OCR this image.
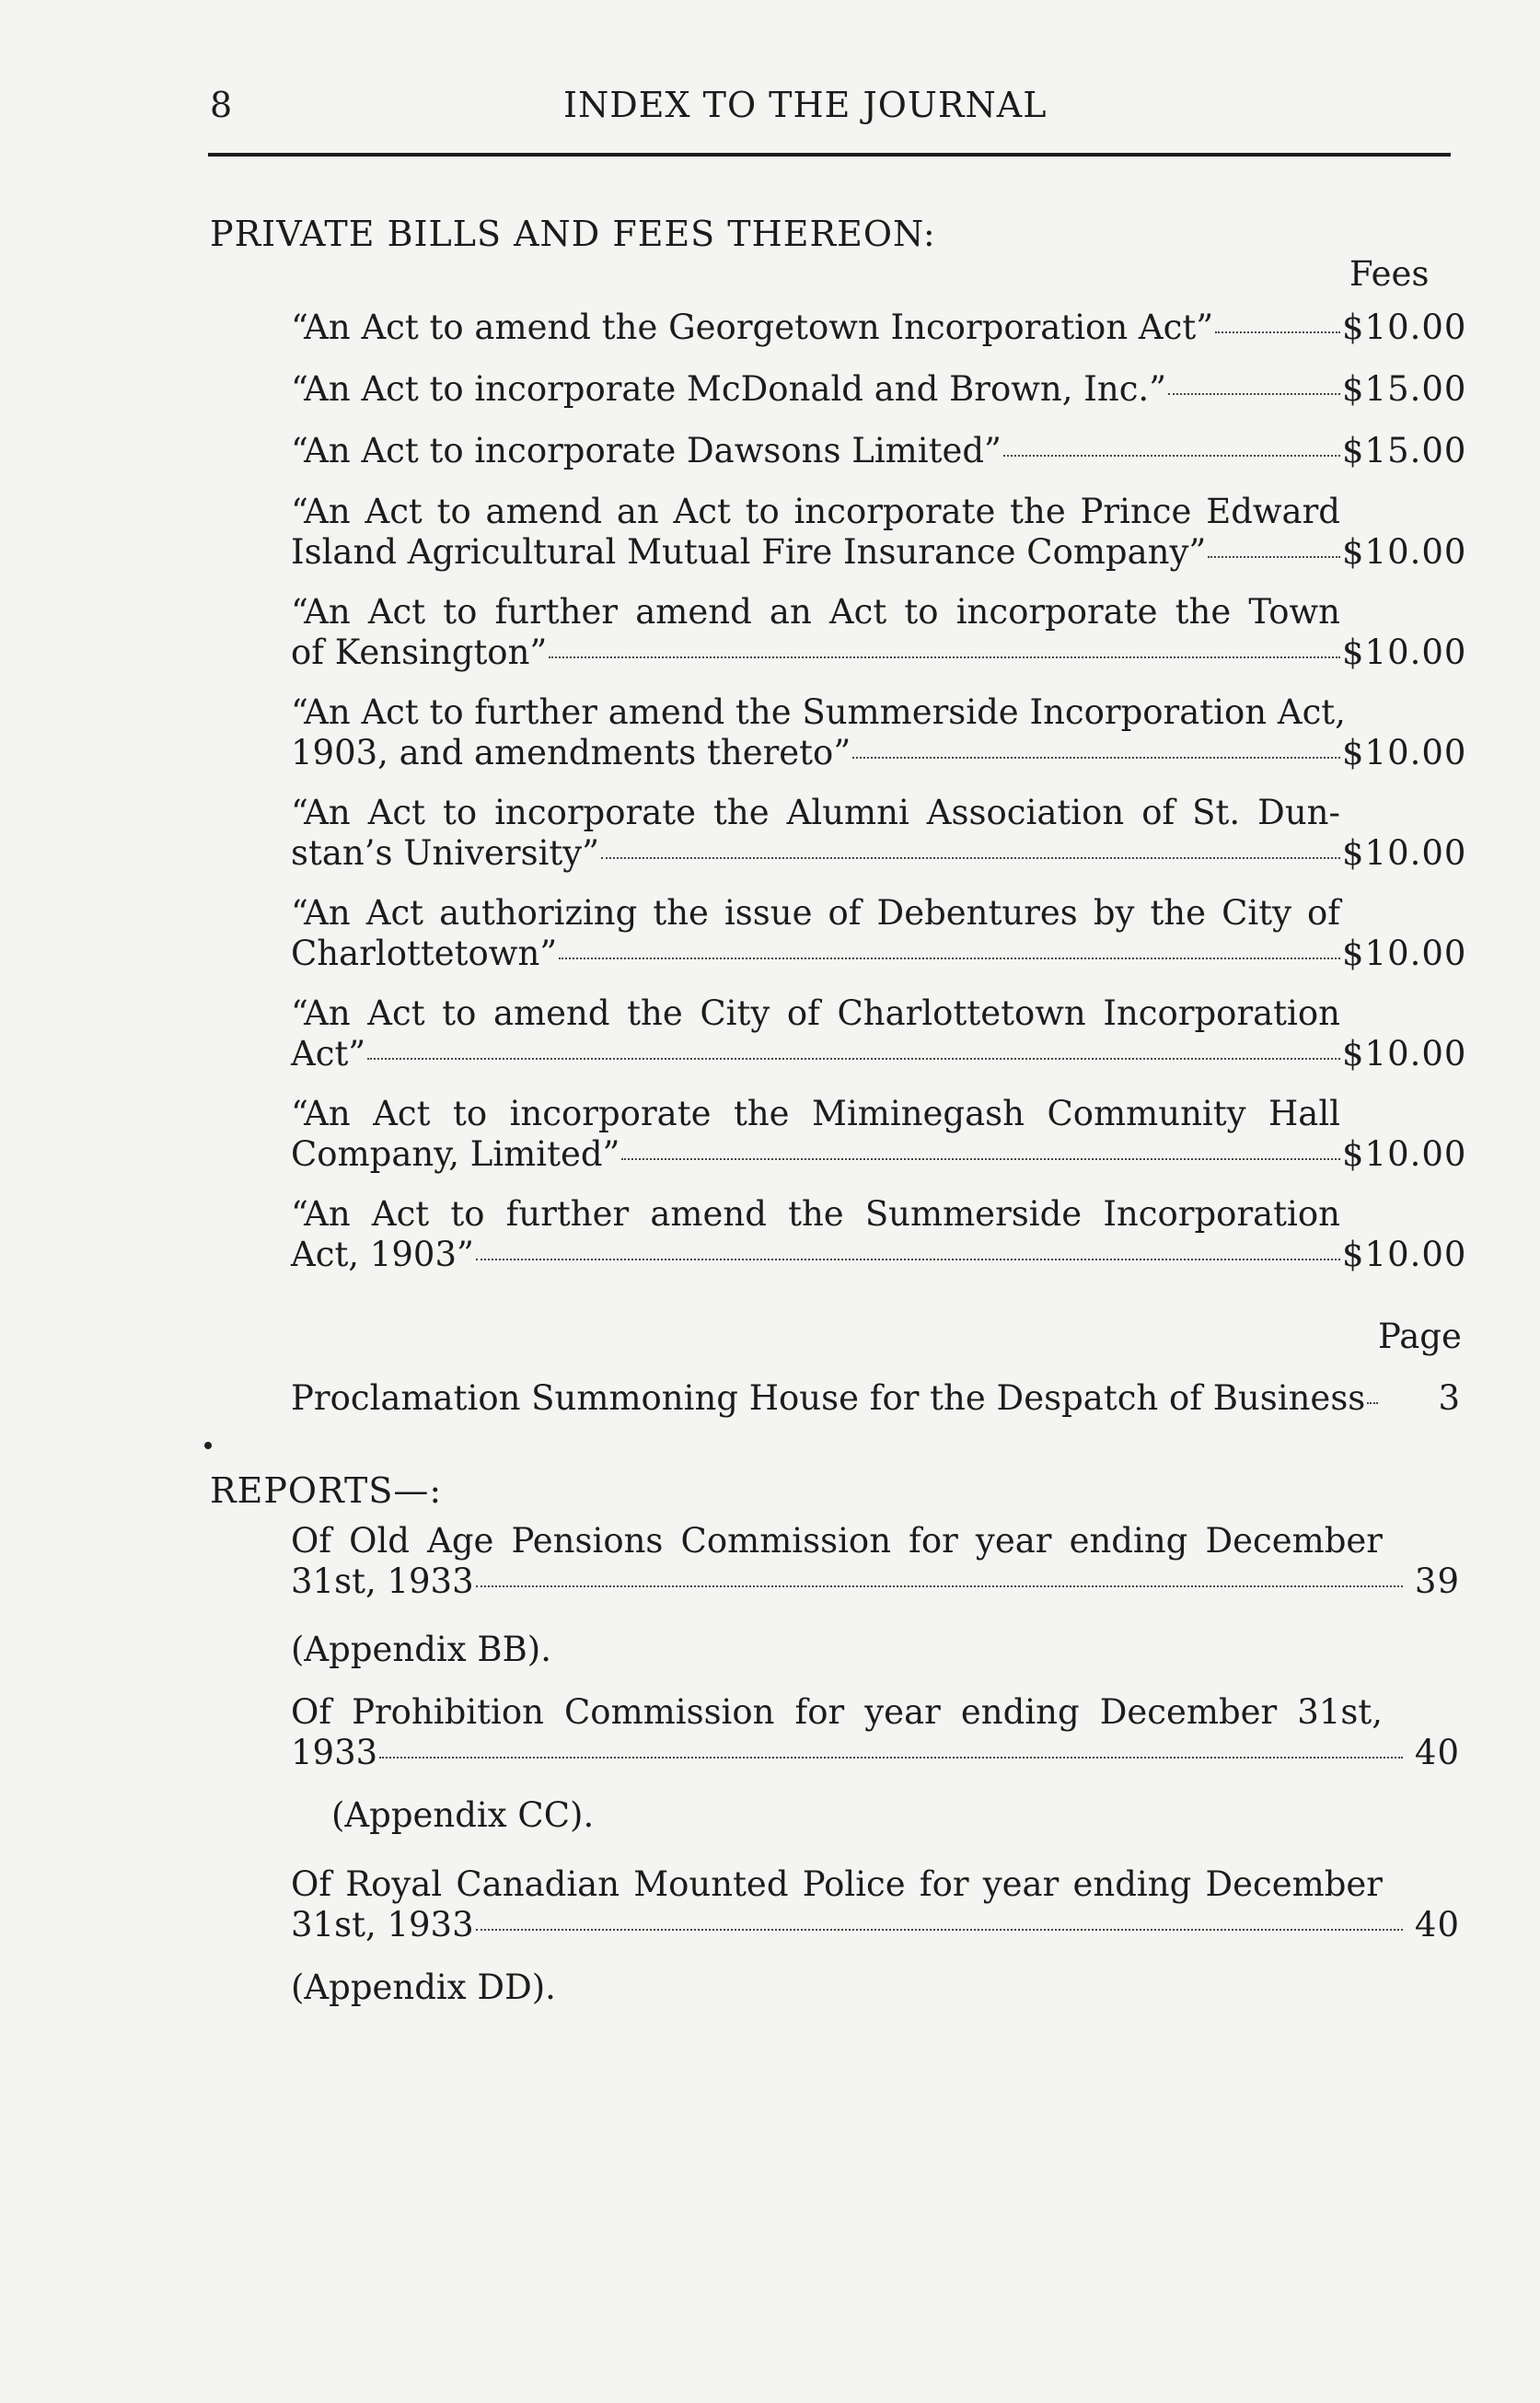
8	INDEX TO THE JOURNAL
PRIVATE BILLS AND FEES THEREON:
Fees
“An Act to amend the Georgetown Incorporation Act”	$10.00
“An Act to incorporate McDonald and Brown, Inc.”	$15.00
“An Act to incorporate Dawsons Limited”	$15.00
“An Act to amend an Act to incorporate the Prince Edward
Island Agricultural Mutual Fire Insurance Company”	$10.00
“An Act to further amend an Act to incorporate the Town
of Kensington”	$10.00
“An Act to further amend the Summerside Incorporation Act,
1903, and amendments thereto”	$10.00
“An Act to incorporate the Alumni Association of St. Dun-
stan’s University”	$10.00
“An Act authorizing the issue of Debentures by the City of
Charlottetown”	$10.00
“An Act to amend the City of Charlottetown Incorporation
Act”	$10.00
“An Act to incorporate the Miminegash Community Hall
Company, Limited”	$10.00
“An Act to further amend the Summerside Incorporation
Act, 1903”	$10.00
Page
Proclamation Summoning House for the Despatch of Business	3
REPORTS—:
Of Old Age Pensions Commission for year ending December
31st, 1933	39
(Appendix BB).
Of Prohibition Commission for year ending December 31st,
1933	40
(Appendix CC).
Of Royal Canadian Mounted Police for year ending December
31st, 1933	40
(Appendix DD).
